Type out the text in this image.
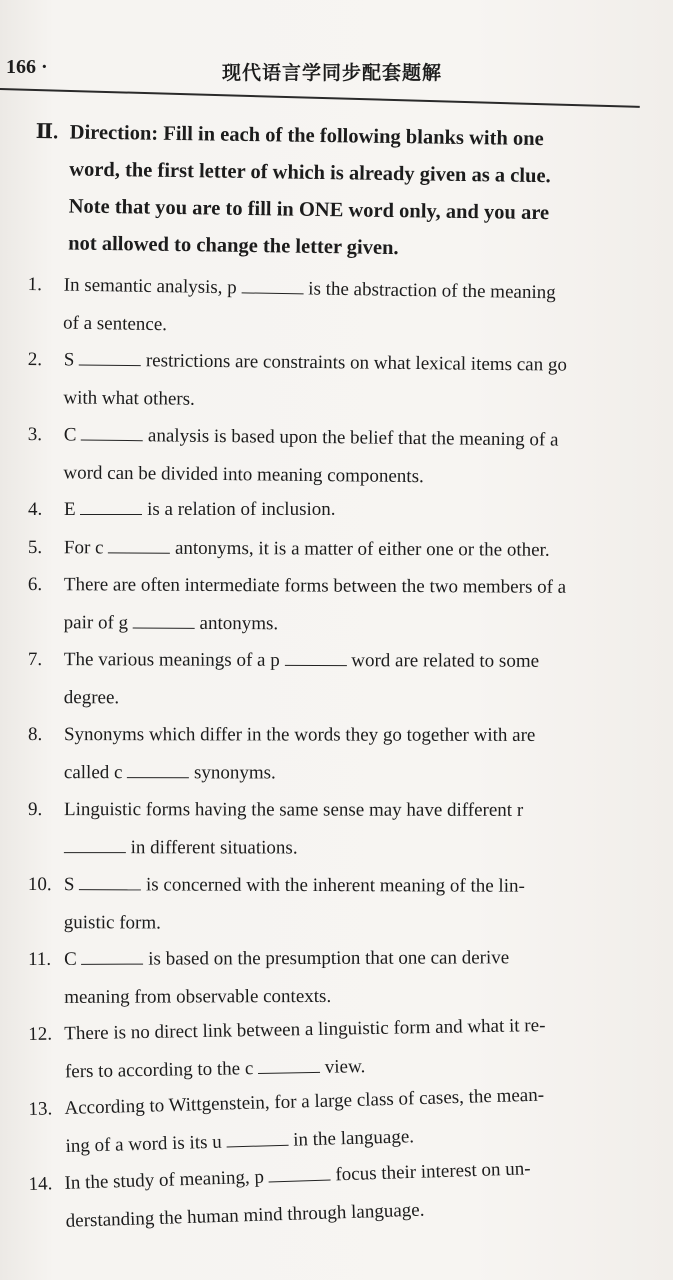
166 ·	现代语言学同步配套题解
Ⅱ. Direction: Fill in each of the following blanks with one
word, the first letter of which is already given as a clue.
Note that you are to fill in ONE word only, and you are
not allowed to change the letter given.
1. In semantic analysis, p	is the abstraction of the meaning
of a sentence.
2. S	restrictions are constraints on what lexical items can go
with what others.
3. C	analysis is based upon the belief that the meaning of a
word can be divided into meaning components.
4. E	is a relation of inclusion.
5. For c	antonyms, it is a matter of either one or the other.
6. There are often intermediate forms between the two members of a
pair of g	antonyms.
7. The various meanings of a p	word are related to some
degree.
8. Synonyms which differ in the words they go together with are
called c	synonyms.
9. Linguistic forms having the same sense may have different r
in different situations.
10. S	is concerned with the inherent meaning of the lin-
guistic form.
11. C	is based on the presumption that one can derive
meaning from observable contexts.
12. There is no direct link between a linguistic form and what it re-
fers to according to the c	view.
13. According to Wittgenstein, for a large class of cases, the mean-
ing of a word is its u	in the language.
14. In the study of meaning, p	focus their interest on un-
derstanding the human mind through language.
